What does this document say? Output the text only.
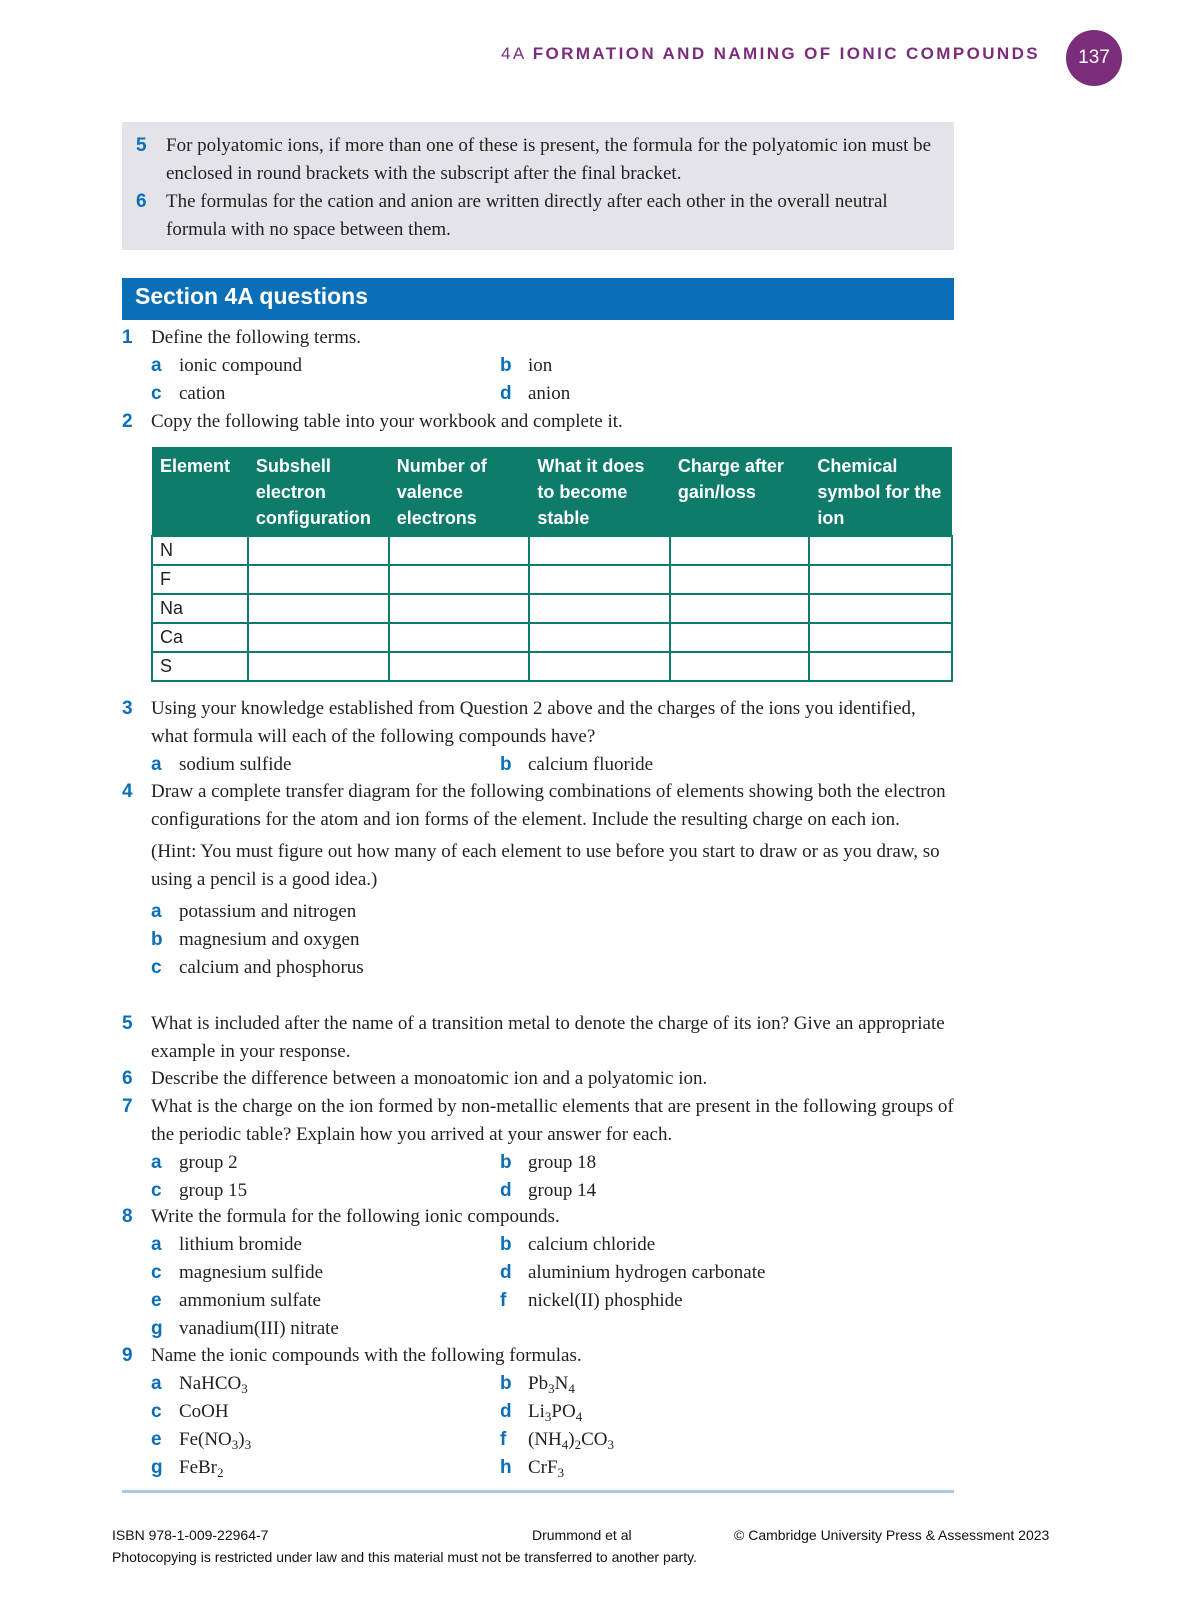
4A FORMATION AND NAMING OF IONIC COMPOUNDS	137
5 For polyatomic ions, if more than one of these is present, the formula for the polyatomic ion must be enclosed in round brackets with the subscript after the final bracket.
6 The formulas for the cation and anion are written directly after each other in the overall neutral formula with no space between them.
Section 4A questions
1 Define the following terms.
a ionic compound	b ion
c cation	d anion
2 Copy the following table into your workbook and complete it.
Element	Subshell electron configuration	Number of valence electrons	What it does to become stable	Charge after gain/loss	Chemical symbol for the ion
N					
F					
Na					
Ca					
S					
3 Using your knowledge established from Question 2 above and the charges of the ions you identified, what formula will each of the following compounds have?
a sodium sulfide	b calcium fluoride
4 Draw a complete transfer diagram for the following combinations of elements showing both the electron configurations for the atom and ion forms of the element. Include the resulting charge on each ion.
(Hint: You must figure out how many of each element to use before you start to draw or as you draw, so using a pencil is a good idea.)
a potassium and nitrogen
b magnesium and oxygen
c calcium and phosphorus
5 What is included after the name of a transition metal to denote the charge of its ion? Give an appropriate example in your response.
6 Describe the difference between a monoatomic ion and a polyatomic ion.
7 What is the charge on the ion formed by non-metallic elements that are present in the following groups of the periodic table? Explain how you arrived at your answer for each.
a group 2	b group 18
c group 15	d group 14
8 Write the formula for the following ionic compounds.
a lithium bromide	b calcium chloride
c magnesium sulfide	d aluminium hydrogen carbonate
e ammonium sulfate	f nickel(II) phosphide
g vanadium(III) nitrate
9 Name the ionic compounds with the following formulas.
a NaHCO$_3$	b $Pb_3N_4$
c CoOH	d $Li_3PO_4$
e $Fe(NO_3)_3$	f $(NH_4)_2CO_3$
g FeBr$_2$	h CrF$_3$
ISBN 978-1-009-22964-7	Drummond et al	© Cambridge University Press & Assessment 2023
Photocopying is restricted under law and this material must not be transferred to another party.
